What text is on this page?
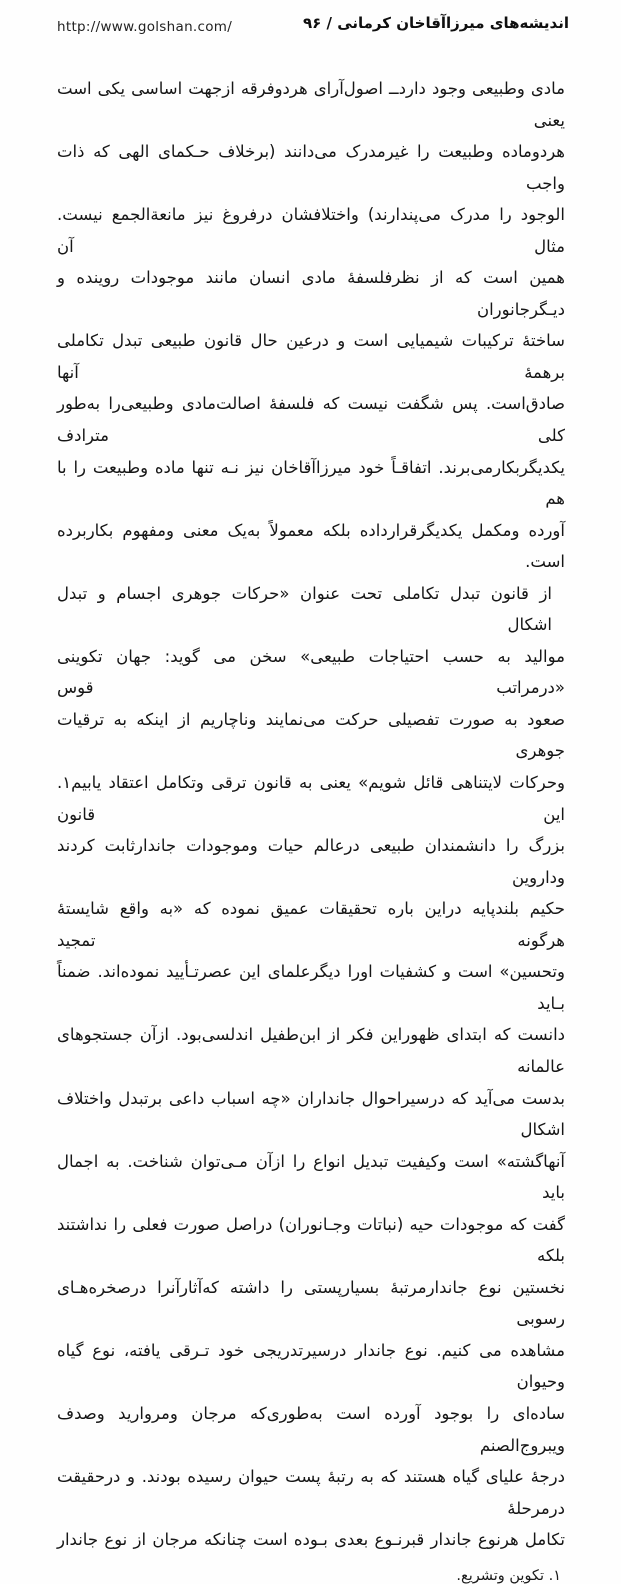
http://www.golshan.com/	اندیشه‌های میرزاآقاخان کرمانی / ۹۶
مادی وطبیعی وجود داردــ اصول‌آرای هردوفرقه ازجهت اساسی یکی است یعنی
هردوماده وطبیعت را غیرمدرک می‌دانند (برخلاف حـکمای الهی که ذات واجب‌
الوجود را مدرک می‌پندارند) واختلافشان درفروغ نیز مانعةالجمع نیست. مثال آن
همین است که از نظرفلسفهٔ مادی انسان مانند موجودات روینده و دیـگرجانوران
ساختهٔ ترکیبات شیمیایی است و درعین حال قانون طبیعی تبدل تکاملی برهمهٔ آنها
صادق‌است. پس شگفت نیست که فلسفهٔ اصالت‌مادی وطبیعی‌را به‌طور کلی مترادف
یکدیگربکارمی‌برند. اتفاقـاً خود میرزاآقاخان نیز نـه تنها ماده وطبیعت را با هم
آورده ومکمل یکدیگرقرارداده بلکه معمولاً به‌یک معنی ومفهوم بکاربرده است.
از قانون تبدل تکاملی تحت عنوان «حرکات جوهری اجسام و تبدل اشکال
موالید به حسب احتیاجات طبیعی» سخن می گوید: جهان تکوینی «درمراتب قوس
صعود به صورت تفصیلی حرکت می‌نمایند وناچاریم از اینکه به ترقیات جوهری
وحرکات لایتناهی قائل شویم» یعنی به قانون ترقی وتکامل اعتقاد یابیم۱. این قانون
بزرگ را دانشمندان طبیعی درعالم حیات وموجودات جاندارثابت کردند وداروین
حکیم بلندپایه دراین باره تحقیقات عمیق نموده که «به واقع شایستهٔ هرگونه تمجید
وتحسین» است و کشفیات اورا دیگرعلمای این عصرتـأیید نموده‌اند. ضمناً بـاید
دانست که ابتدای ظهوراین فکر از ابن‌طفیل اندلسی‌بود. ازآن جستجوهای عالمانه
بدست می‌آید که درسیراحوال جانداران «چه اسباب داعی برتبدل واختلاف اشکال
آنهاگشته» است وکیفیت تبدیل انواع را ازآن مـی‌توان شناخت. به اجمال باید
گفت که موجودات حیه (نباتات وجـانوران) دراصل صورت فعلی را نداشتند بلکه
نخستین نوع جاندارمرتبهٔ بسیارپستی را داشته که‌آثارآنرا درصخره‌هـای رسوبی
مشاهده می کنیم. نوع جاندار درسیرتدریجی خود تـرقی یافته، نوع گیاه وحیوان
ساده‌ای را بوجود آورده است به‌طوری‌که مرجان ومروارید وصدف ویبروج‌الصنم
درجهٔ علیای گیاه هستند که به رتبهٔ پست حیوان رسیده بودند. و درحقیقت درمرحلهٔ
تکامل هرنوع جاندار قبرنـوع بعدی بـوده است چنانکه مرجان از نوع جاندار
۱. تکوین وتشریع.
